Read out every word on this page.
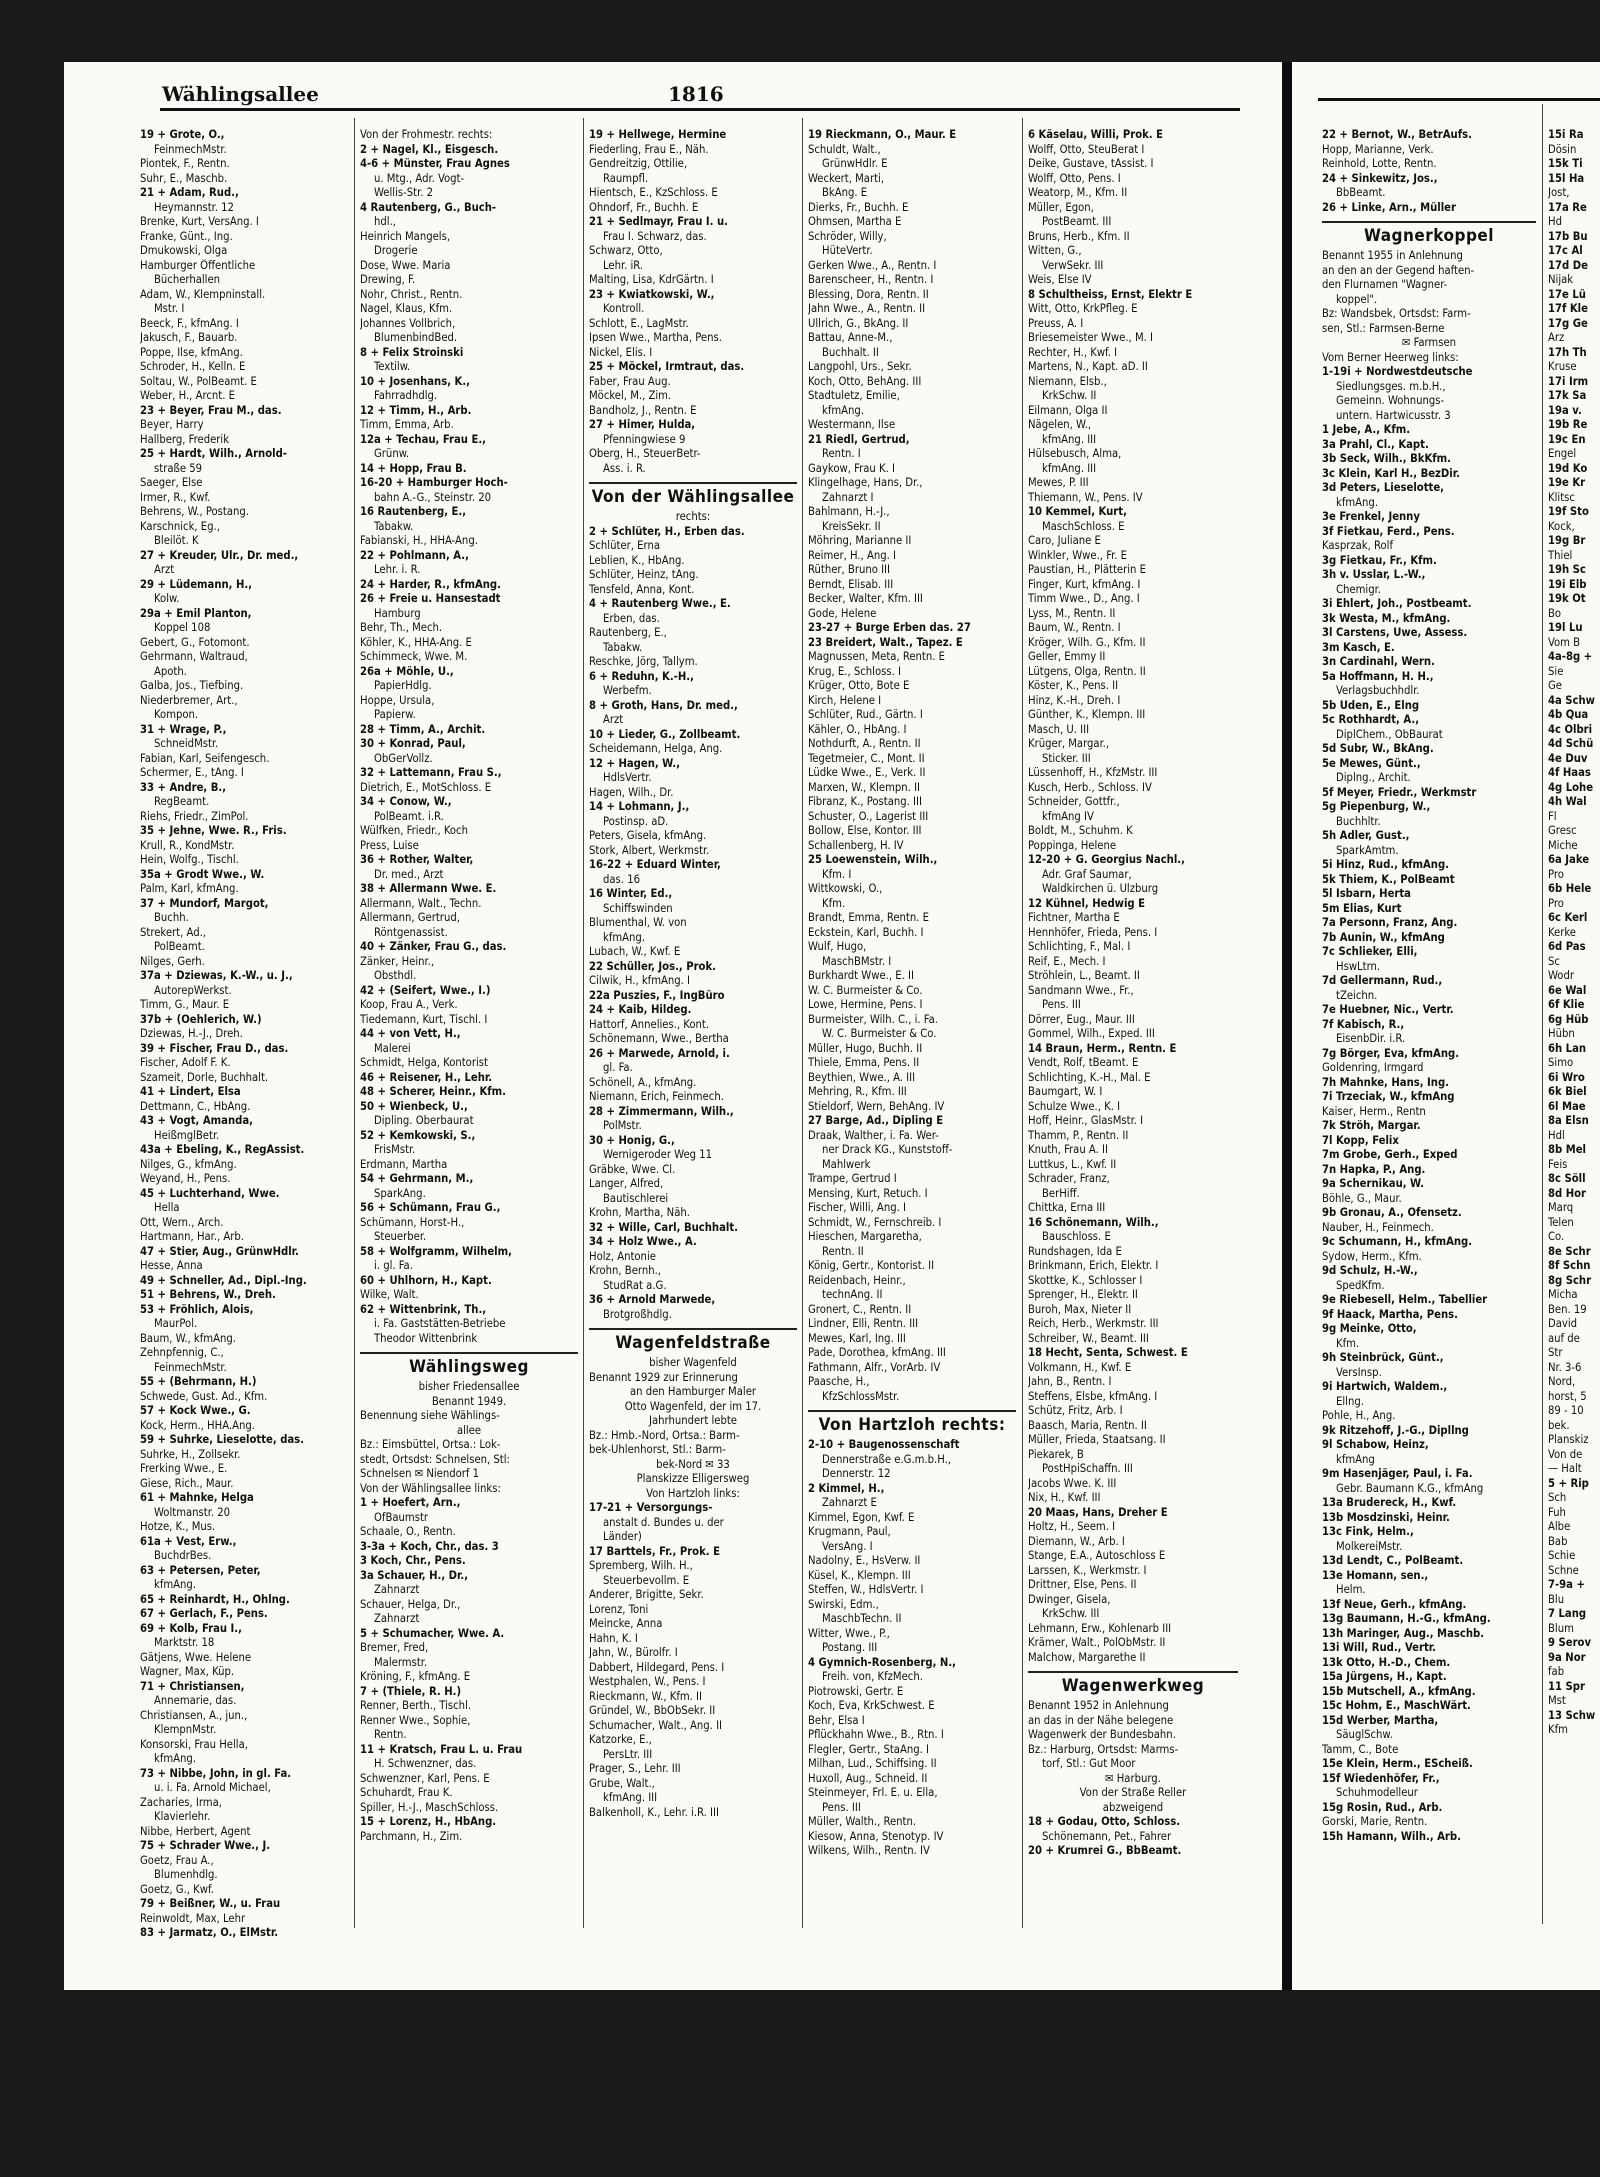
Wählingsallee	1816
19 + Grote, O.,
FeinmechMstr.
Piontek, F., Rentn.
Suhr, E., Maschb.
21 + Adam, Rud.,
Heymannstr. 12
Brenke, Kurt, VersAng. I
Franke, Günt., Ing.
Dmukowski, Olga
Hamburger Öffentliche
Bücherhallen
Adam, W., Klempninstall.
Mstr. I
Beeck, F., kfmAng. I
Jakusch, F., Bauarb.
Poppe, Ilse, kfmAng.
Schroder, H., Kelln. E
Soltau, W., PolBeamt. E
Weber, H., Arcnt. E
23 + Beyer, Frau M., das.
Beyer, Harry
Hallberg, Frederik
25 + Hardt, Wilh., Arnold-
straße 59
Saeger, Else
Irmer, R., Kwf.
Behrens, W., Postang.
Karschnick, Eg.,
Bleilöt. K
27 + Kreuder, Ulr., Dr. med.,
Arzt
29 + Lüdemann, H.,
Kolw.
29a + Emil Planton,
Koppel 108
Gebert, G., Fotomont.
Gehrmann, Waltraud,
Apoth.
Galba, Jos., Tiefbing.
Niederbremer, Art.,
Kompon.
31 + Wrage, P.,
SchneidMstr.
Fabian, Karl, Seifengesch.
Schermer, E., tAng. I
33 + Andre, B.,
RegBeamt.
Riehs, Friedr., ZimPol.
35 + Jehne, Wwe. R., Fris.
Krull, R., KondMstr.
Hein, Wolfg., Tischl.
35a + Grodt Wwe., W.
Palm, Karl, kfmAng.
37 + Mundorf, Margot,
Buchh.
Strekert, Ad.,
PolBeamt.
Nilges, Gerh.
37a + Dziewas, K.-W., u. J.,
AutorepWerkst.
Timm, G., Maur. E
37b + (Oehlerich, W.)
Dziewas, H.-J., Dreh.
39 + Fischer, Frau D., das.
Fischer, Adolf F. K.
Szameit, Dorle, Buchhalt.
41 + Lindert, Elsa
Dettmann, C., HbAng.
43 + Vogt, Amanda,
HeißmglBetr.
43a + Ebeling, K., RegAssist.
Nilges, G., kfmAng.
Weyand, H., Pens.
45 + Luchterhand, Wwe.
Hella
Ott, Wern., Arch.
Hartmann, Har., Arb.
47 + Stier, Aug., GrünwHdlr.
Hesse, Anna
49 + Schneller, Ad., Dipl.-Ing.
51 + Behrens, W., Dreh.
53 + Fröhlich, Alois,
MaurPol.
Baum, W., kfmAng.
Zehnpfennig, C.,
FeinmechMstr.
55 + (Behrmann, H.)
Schwede, Gust. Ad., Kfm.
57 + Kock Wwe., G.
Kock, Herm., HHA.Ang.
59 + Suhrke, Lieselotte, das.
Suhrke, H., Zollsekr.
Frerking Wwe., E.
Giese, Rich., Maur.
61 + Mahnke, Helga
Woltmanstr. 20
Hotze, K., Mus.
61a + Vest, Erw.,
BuchdrBes.
63 + Petersen, Peter,
kfmAng.
65 + Reinhardt, H., Ohlng.
67 + Gerlach, F., Pens.
69 + Kolb, Frau I.,
Marktstr. 18
Gätjens, Wwe. Helene
Wagner, Max, Küp.
71 + Christiansen,
Annemarie, das.
Christiansen, A., jun.,
KlempnMstr.
Konsorski, Frau Hella,
kfmAng.
73 + Nibbe, John, in gl. Fa.
u. i. Fa. Arnold Michael,
Zacharies, Irma,
Klavierlehr.
Nibbe, Herbert, Agent
75 + Schrader Wwe., J.
Goetz, Frau A.,
Blumenhdlg.
Goetz, G., Kwf.
79 + Beißner, W., u. Frau
Reinwoldt, Max, Lehr
83 + Jarmatz, O., ElMstr.
Von der Frohmestr. rechts:
2 + Nagel, Kl., Eisgesch.
4-6 + Münster, Frau Agnes
u. Mtg., Adr. Vogt-
Wellis-Str. 2
4 Rautenberg, G., Buch-
hdl.,
Heinrich Mangels,
Drogerie
Dose, Wwe. Maria
Drewing, F.
Nohr, Christ., Rentn.
Nagel, Klaus, Kfm.
Johannes Vollbrich,
BlumenbindBed.
8 + Felix Stroinski
Textilw.
10 + Josenhans, K.,
Fahrradhdlg.
12 + Timm, H., Arb.
Timm, Emma, Arb.
12a + Techau, Frau E.,
Grünw.
14 + Hopp, Frau B.
16-20 + Hamburger Hoch-
bahn A.-G., Steinstr. 20
16 Rautenberg, E.,
Tabakw.
Fabianski, H., HHA-Ang.
22 + Pohlmann, A.,
Lehr. i. R.
24 + Harder, R., kfmAng.
26 + Freie u. Hansestadt
Hamburg
Behr, Th., Mech.
Köhler, K., HHA-Ang. E
Schimmeck, Wwe. M.
26a + Möhle, U.,
PapierHdlg.
Hoppe, Ursula,
Papierw.
28 + Timm, A., Archit.
30 + Konrad, Paul,
ObGerVollz.
32 + Lattemann, Frau S.,
Dietrich, E., MotSchloss. E
34 + Conow, W.,
PolBeamt. i.R.
Wülfken, Friedr., Koch
Press, Luise
36 + Rother, Walter,
Dr. med., Arzt
38 + Allermann Wwe. E.
Allermann, Walt., Techn.
Allermann, Gertrud,
Röntgenassist.
40 + Zänker, Frau G., das.
Zänker, Heinr.,
Obsthdl.
42 + (Seifert, Wwe., I.)
Koop, Frau A., Verk.
Tiedemann, Kurt, Tischl. I
44 + von Vett, H.,
Malerei
Schmidt, Helga, Kontorist
46 + Reisener, H., Lehr.
48 + Scherer, Heinr., Kfm.
50 + Wienbeck, U.,
Dipling. Oberbaurat
52 + Kemkowski, S.,
FrisMstr.
Erdmann, Martha
54 + Gehrmann, M.,
SparkAng.
56 + Schümann, Frau G.,
Schümann, Horst-H.,
Steuerber.
58 + Wolfgramm, Wilhelm,
i. gl. Fa.
60 + Uhlhorn, H., Kapt.
Wilke, Walt.
62 + Wittenbrink, Th.,
i. Fa. Gaststätten-Betriebe
Theodor Wittenbrink
Wählingsweg
bisher Friedensallee
Benannt 1949.
Benennung siehe Wählings-
allee
Bz.: Eimsbüttel, Ortsa.: Lok-
stedt, Ortsdst: Schnelsen, Stl:
Schnelsen ✉ Niendorf 1
Von der Wählingsallee links:
1 + Hoefert, Arn.,
OfBaumstr
Schaale, O., Rentn.
3-3a + Koch, Chr., das. 3
3 Koch, Chr., Pens.
3a Schauer, H., Dr.,
Zahnarzt
Schauer, Helga, Dr.,
Zahnarzt
5 + Schumacher, Wwe. A.
Bremer, Fred,
Malermstr.
Kröning, F., kfmAng. E
7 + (Thiele, R. H.)
Renner, Berth., Tischl.
Renner Wwe., Sophie,
Rentn.
11 + Kratsch, Frau L. u. Frau
H. Schwenzner, das.
Schwenzner, Karl, Pens. E
Schuhardt, Frau K.
Spiller, H.-J., MaschSchloss.
15 + Lorenz, H., HbAng.
Parchmann, H., Zim.
19 + Hellwege, Hermine
Fiederling, Frau E., Näh.
Gendreitzig, Ottilie,
Raumpfl.
Hientsch, E., KzSchloss. E
Ohndorf, Fr., Buchh. E
21 + Sedlmayr, Frau I. u.
Frau I. Schwarz, das.
Schwarz, Otto,
Lehr. iR.
Malting, Lisa, KdrGärtn. I
23 + Kwiatkowski, W.,
Kontroll.
Schlott, E., LagMstr.
Ipsen Wwe., Martha, Pens.
Nickel, Elis. I
25 + Möckel, Irmtraut, das.
Faber, Frau Aug.
Möckel, M., Zim.
Bandholz, J., Rentn. E
27 + Himer, Hulda,
Pfenningwiese 9
Oberg, H., SteuerBetr-
Ass. i. R.
Von der Wählingsallee
rechts:
2 + Schlüter, H., Erben das.
Schlüter, Erna
Leblien, K., HbAng.
Schlüter, Heinz, tAng.
Tensfeld, Anna, Kont.
4 + Rautenberg Wwe., E.
Erben, das.
Rautenberg, E.,
Tabakw.
Reschke, Jörg, Tallym.
6 + Reduhn, K.-H.,
Werbefm.
8 + Groth, Hans, Dr. med.,
Arzt
10 + Lieder, G., Zollbeamt.
Scheidemann, Helga, Ang.
12 + Hagen, W.,
HdlsVertr.
Hagen, Wilh., Dr.
14 + Lohmann, J.,
Postinsp. aD.
Peters, Gisela, kfmAng.
Stork, Albert, Werkmstr.
16-22 + Eduard Winter,
das. 16
16 Winter, Ed.,
Schiffswinden
Blumenthal, W. von
kfmAng.
Lubach, W., Kwf. E
22 Schüller, Jos., Prok.
Cilwik, H., kfmAng. I
22a Puszies, F., IngBüro
24 + Kaib, Hildeg.
Hattorf, Annelies., Kont.
Schönemann, Wwe., Bertha
26 + Marwede, Arnold, i.
gl. Fa.
Schönell, A., kfmAng.
Niemann, Erich, Feinmech.
28 + Zimmermann, Wilh.,
PolMstr.
30 + Honig, G.,
Wernigeroder Weg 11
Gräbke, Wwe. Cl.
Langer, Alfred,
Bautischlerei
Krohn, Martha, Näh.
32 + Wille, Carl, Buchhalt.
34 + Holz Wwe., A.
Holz, Antonie
Krohn, Bernh.,
StudRat a.G.
36 + Arnold Marwede,
Brotgroßhdlg.
Wagenfeldstraße
bisher Wagenfeld
Benannt 1929 zur Erinnerung
an den Hamburger Maler
Otto Wagenfeld, der im 17.
Jahrhundert lebte
Bz.: Hmb.-Nord, Ortsa.: Barm-
bek-Uhlenhorst, Stl.: Barm-
bek-Nord ✉ 33
Planskizze Elligersweg
Von Hartzloh links:
17-21 + Versorgungs-
anstalt d. Bundes u. der
Länder)
17 Barttels, Fr., Prok. E
Spremberg, Wilh. H.,
Steuerbevollm. E
Anderer, Brigitte, Sekr.
Lorenz, Toni
Meincke, Anna
Hahn, K. I
Jahn, W., Bürolfr. I
Dabbert, Hildegard, Pens. I
Westphalen, W., Pens. I
Rieckmann, W., Kfm. II
Gründel, W., BbObSekr. II
Schumacher, Walt., Ang. II
Katzorke, E.,
PersLtr. III
Prager, S., Lehr. III
Grube, Walt.,
kfmAng. III
Balkenholl, K., Lehr. i.R. III
19 Rieckmann, O., Maur. E
Schuldt, Walt.,
GrünwHdlr. E
Weckert, Marti,
BkAng. E
Dierks, Fr., Buchh. E
Ohmsen, Martha E
Schröder, Willy,
HüteVertr.
Gerken Wwe., A., Rentn. I
Barenscheer, H., Rentn. I
Blessing, Dora, Rentn. II
Jahn Wwe., A., Rentn. II
Ullrich, G., BkAng. II
Battau, Anne-M.,
Buchhalt. II
Langpohl, Urs., Sekr.
Koch, Otto, BehAng. III
Stadtuletz, Emilie,
kfmAng.
Westermann, Ilse
21 Riedl, Gertrud,
Rentn. I
Gaykow, Frau K. I
Klingelhage, Hans, Dr.,
Zahnarzt I
Bahlmann, H.-J.,
KreisSekr. II
Möhring, Marianne II
Reimer, H., Ang. I
Rüther, Bruno III
Berndt, Elisab. III
Becker, Walter, Kfm. III
Gode, Helene
23-27 + Burge Erben das. 27
23 Breidert, Walt., Tapez. E
Magnussen, Meta, Rentn. E
Krug, E., Schloss. I
Krüger, Otto, Bote E
Kirch, Helene I
Schlüter, Rud., Gärtn. I
Kähler, O., HbAng. I
Nothdurft, A., Rentn. II
Tegetmeier, C., Mont. II
Lüdke Wwe., E., Verk. II
Marxen, W., Klempn. II
Fibranz, K., Postang. III
Schuster, O., Lagerist III
Bollow, Else, Kontor. III
Schallenberg, H. IV
25 Loewenstein, Wilh.,
Kfm. I
Wittkowski, O.,
Kfm.
Brandt, Emma, Rentn. E
Eckstein, Karl, Buchh. I
Wulf, Hugo,
MaschBMstr. I
Burkhardt Wwe., E. II
W. C. Burmeister & Co.
Lowe, Hermine, Pens. I
Burmeister, Wilh. C., i. Fa.
W. C. Burmeister & Co.
Müller, Hugo, Buchh. II
Thiele, Emma, Pens. II
Beythien, Wwe., A. III
Mehring, R., Kfm. III
Stieldorf, Wern, BehAng. IV
27 Barge, Ad., Dipling E
Draak, Walther, i. Fa. Wer-
ner Drack KG., Kunststoff-
Mahlwerk
Trampe, Gertrud I
Mensing, Kurt, Retuch. I
Fischer, Willi, Ang. I
Schmidt, W., Fernschreib. I
Hieschen, Margaretha,
Rentn. II
König, Gertr., Kontorist. II
Reidenbach, Heinr.,
technAng. II
Gronert, C., Rentn. II
Lindner, Elli, Rentn. III
Mewes, Karl, Ing. III
Pade, Dorothea, kfmAng. III
Fathmann, Alfr., VorArb. IV
Paasche, H.,
KfzSchlossMstr.
Von Hartzloh rechts:
2-10 + Baugenossenschaft
Dennerstraße e.G.m.b.H.,
Dennerstr. 12
2 Kimmel, H.,
Zahnarzt E
Kimmel, Egon, Kwf. E
Krugmann, Paul,
VersAng. I
Nadolny, E., HsVerw. II
Küsel, K., Klempn. III
Steffen, W., HdlsVertr. I
Swirski, Edm.,
MaschbTechn. II
Witter, Wwe., P.,
Postang. III
4 Gymnich-Rosenberg, N.,
Freih. von, KfzMech.
Piotrowski, Gertr. E
Koch, Eva, KrkSchwest. E
Behr, Elsa I
Pflückhahn Wwe., B., Rtn. I
Flegler, Gertr., StaAng. I
Milhan, Lud., Schiffsing. II
Huxoll, Aug., Schneid. II
Steinmeyer, Frl. E. u. Ella,
Pens. III
Müller, Walth., Rentn.
Kiesow, Anna, Stenotyp. IV
Wilkens, Wilh., Rentn. IV
6 Käselau, Willi, Prok. E
Wolff, Otto, SteuBerat I
Deike, Gustave, tAssist. I
Wolff, Otto, Pens. I
Weatorp, M., Kfm. II
Müller, Egon,
PostBeamt. III
Bruns, Herb., Kfm. II
Witten, G.,
VerwSekr. III
Weis, Else IV
8 Schultheiss, Ernst, Elektr E
Witt, Otto, KrkPfleg. E
Preuss, A. I
Briesemeister Wwe., M. I
Rechter, H., Kwf. I
Martens, N., Kapt. aD. II
Niemann, Elsb.,
KrkSchw. II
Eilmann, Olga II
Nägelen, W.,
kfmAng. III
Hülsebusch, Alma,
kfmAng. III
Mewes, P. III
Thiemann, W., Pens. IV
10 Kemmel, Kurt,
MaschSchloss. E
Caro, Juliane E
Winkler, Wwe., Fr. E
Paustian, H., Plätterin E
Finger, Kurt, kfmAng. I
Timm Wwe., D., Ang. I
Lyss, M., Rentn. II
Baum, W., Rentn. I
Kröger, Wilh. G., Kfm. II
Geller, Emmy II
Lütgens, Olga, Rentn. II
Köster, K., Pens. II
Hinz, K.-H., Dreh. I
Günther, K., Klempn. III
Masch, U. III
Krüger, Margar.,
Sticker. III
Lüssenhoff, H., KfzMstr. III
Kusch, Herb., Schloss. IV
Schneider, Gottfr.,
kfmAng IV
Boldt, M., Schuhm. K
Poppinga, Helene
12-20 + G. Georgius Nachl.,
Adr. Graf Saumar,
Waldkirchen ü. Ulzburg
12 Kühnel, Hedwig E
Fichtner, Martha E
Hennhöfer, Frieda, Pens. I
Schlichting, F., Mal. I
Reif, E., Mech. I
Ströhlein, L., Beamt. II
Sandmann Wwe., Fr.,
Pens. III
Dörrer, Eug., Maur. III
Gommel, Wilh., Exped. III
14 Braun, Herm., Rentn. E
Vendt, Rolf, tBeamt. E
Schlichting, K.-H., Mal. E
Baumgart, W. I
Schulze Wwe., K. I
Hoff, Heinr., GlasMstr. I
Thamm, P., Rentn. II
Knuth, Frau A. II
Luttkus, L., Kwf. II
Schrader, Franz,
BerHiff.
Chittka, Erna III
16 Schönemann, Wilh.,
Bauschloss. E
Rundshagen, Ida E
Brinkmann, Erich, Elektr. I
Skottke, K., Schlosser I
Sprenger, H., Elektr. II
Buroh, Max, Nieter II
Reich, Herb., Werkmstr. III
Schreiber, W., Beamt. III
18 Hecht, Senta, Schwest. E
Volkmann, H., Kwf. E
Jahn, B., Rentn. I
Steffens, Elsbe, kfmAng. I
Schütz, Fritz, Arb. I
Baasch, Maria, Rentn. II
Müller, Frieda, Staatsang. II
Piekarek, B
PostHpiSchaffn. III
Jacobs Wwe. K. III
Nix, H., Kwf. III
20 Maas, Hans, Dreher E
Holtz, H., Seem. I
Diemann, W., Arb. I
Stange, E.A., Autoschloss E
Larssen, K., Werkmstr. I
Drittner, Else, Pens. II
Dwinger, Gisela,
KrkSchw. III
Lehmann, Erw., Kohlenarb III
Krämer, Walt., PolObMstr. II
Malchow, Margarethe II
Wagenwerkweg
Benannt 1952 in Anlehnung
an das in der Nähe belegene
Wagenwerk der Bundesbahn.
Bz.: Harburg, Ortsdst: Marms-
torf, Stl.: Gut Moor
✉ Harburg.
Von der Straße Reller
abzweigend
18 + Godau, Otto, Schloss.
Schönemann, Pet., Fahrer
20 + Krumrei G., BbBeamt.
22 + Bernot, W., BetrAufs.
Hopp, Marianne, Verk.
Reinhold, Lotte, Rentn.
24 + Sinkewitz, Jos.,
BbBeamt.
26 + Linke, Arn., Müller
Wagnerkoppel
Benannt 1955 in Anlehnung
an den an der Gegend haften-
den Flurnamen "Wagner-
koppel".
Bz: Wandsbek, Ortsdst: Farm-
sen, Stl.: Farmsen-Berne
✉ Farmsen
Vom Berner Heerweg links:
1-19i + Nordwestdeutsche
Siedlungsges. m.b.H.,
Gemeinn. Wohnungs-
untern. Hartwicusstr. 3
1 Jebe, A., Kfm.
3a Prahl, Cl., Kapt.
3b Seck, Wilh., BkKfm.
3c Klein, Karl H., BezDir.
3d Peters, Lieselotte,
kfmAng.
3e Frenkel, Jenny
3f Fietkau, Ferd., Pens.
Kasprzak, Rolf
3g Fietkau, Fr., Kfm.
3h v. Usslar, L.-W.,
Chemigr.
3i Ehlert, Joh., Postbeamt.
3k Westa, M., kfmAng.
3l Carstens, Uwe, Assess.
3m Kasch, E.
3n Cardinahl, Wern.
5a Hoffmann, H. H.,
Verlagsbuchhdlr.
5b Uden, E., Elng
5c Rothhardt, A.,
DiplChem., ObBaurat
5d Subr, W., BkAng.
5e Mewes, Günt.,
Diplng., Archit.
5f Meyer, Friedr., Werkmstr
5g Piepenburg, W.,
Buchhltr.
5h Adler, Gust.,
SparkAmtm.
5i Hinz, Rud., kfmAng.
5k Thiem, K., PolBeamt
5l Isbarn, Herta
5m Elias, Kurt
7a Personn, Franz, Ang.
7b Aunin, W., kfmAng
7c Schlieker, Elli,
HswLtrn.
7d Gellermann, Rud.,
tZeichn.
7e Huebner, Nic., Vertr.
7f Kabisch, R.,
EisenbDir. i.R.
7g Börger, Eva, kfmAng.
Goldenring, Irmgard
7h Mahnke, Hans, Ing.
7i Trzeciak, W., kfmAng
Kaiser, Herm., Rentn
7k Ströh, Margar.
7l Kopp, Felix
7m Grobe, Gerh., Exped
7n Hapka, P., Ang.
9a Schernikau, W.
Böhle, G., Maur.
9b Gronau, A., Ofensetz.
Nauber, H., Feinmech.
9c Schumann, H., kfmAng.
Sydow, Herm., Kfm.
9d Schulz, H.-W.,
SpedKfm.
9e Riebesell, Helm., Tabellier
9f Haack, Martha, Pens.
9g Meinke, Otto,
Kfm.
9h Steinbrück, Günt.,
VersInsp.
9i Hartwich, Waldem.,
Ellng.
Pohle, H., Ang.
9k Ritzehoff, J.-G., Dipllng
9l Schabow, Heinz,
kfmAng
9m Hasenjäger, Paul, i. Fa.
Gebr. Baumann K.G., kfmAng
13a Brudereck, H., Kwf.
13b Mosdzinski, Heinr.
13c Fink, Helm.,
MolkereiMstr.
13d Lendt, C., PolBeamt.
13e Homann, sen.,
Helm.
13f Neue, Gerh., kfmAng.
13g Baumann, H.-G., kfmAng.
13h Maringer, Aug., Maschb.
13i Will, Rud., Vertr.
13k Otto, H.-D., Chem.
15a Jürgens, H., Kapt.
15b Mutschell, A., kfmAng.
15c Hohm, E., MaschWärt.
15d Werber, Martha,
SäuglSchw.
Tamm, C., Bote
15e Klein, Herm., EScheiß.
15f Wiedenhöfer, Fr.,
Schuhmodelleur
15g Rosin, Rud., Arb.
Gorski, Marie, Rentn.
15h Hamann, Wilh., Arb.
15i Ra
Dösin
15k Ti
15l Ha
Jost,
17a Re
Hd
17b Bu
17c Al
17d De
Nijak
17e Lü
17f Kle
17g Ge
Arz
17h Th
Kruse
17i Irm
17k Sa
19a v.
19b Re
19c En
Engel
19d Ko
19e Kr
Klitsc
19f Sto
Kock,
19g Br
Thiel
19h Sc
19i Elb
19k Ot
Bo
19l Lu
Vom B
4a-8g +
Sie
Ge
4a Schw
4b Qua
4c Olbri
4d Schü
4e Duv
4f Haas
4g Lohe
4h Wal
Fl
Gresc
Miche
6a Jake
Pro
6b Hele
Pro
6c Kerl
Kerke
6d Pas
Sc
Wodr
6e Wal
6f Klie
6g Hüb
Hübn
6h Lan
Simo
6i Wro
6k Biel
6l Mae
8a Elsn
Hdl
8b Mel
Feis
8c Söll
8d Hor
Marq
Telen
Co.
8e Schr
8f Schn
8g Schr
Micha
Ben. 19
David
auf de
Str
Nr. 3-6
Nord,
horst, 5
89 - 10
bek.
Planskiz
Von de
— Halt
5 + Rip
Sch
Fuh
Albe
Bab
Schie
Schne
7-9a +
Blu
7 Lang
Blum
9 Serov
9a Nor
fab
11 Spr
Mst
13 Schw
Kfm
